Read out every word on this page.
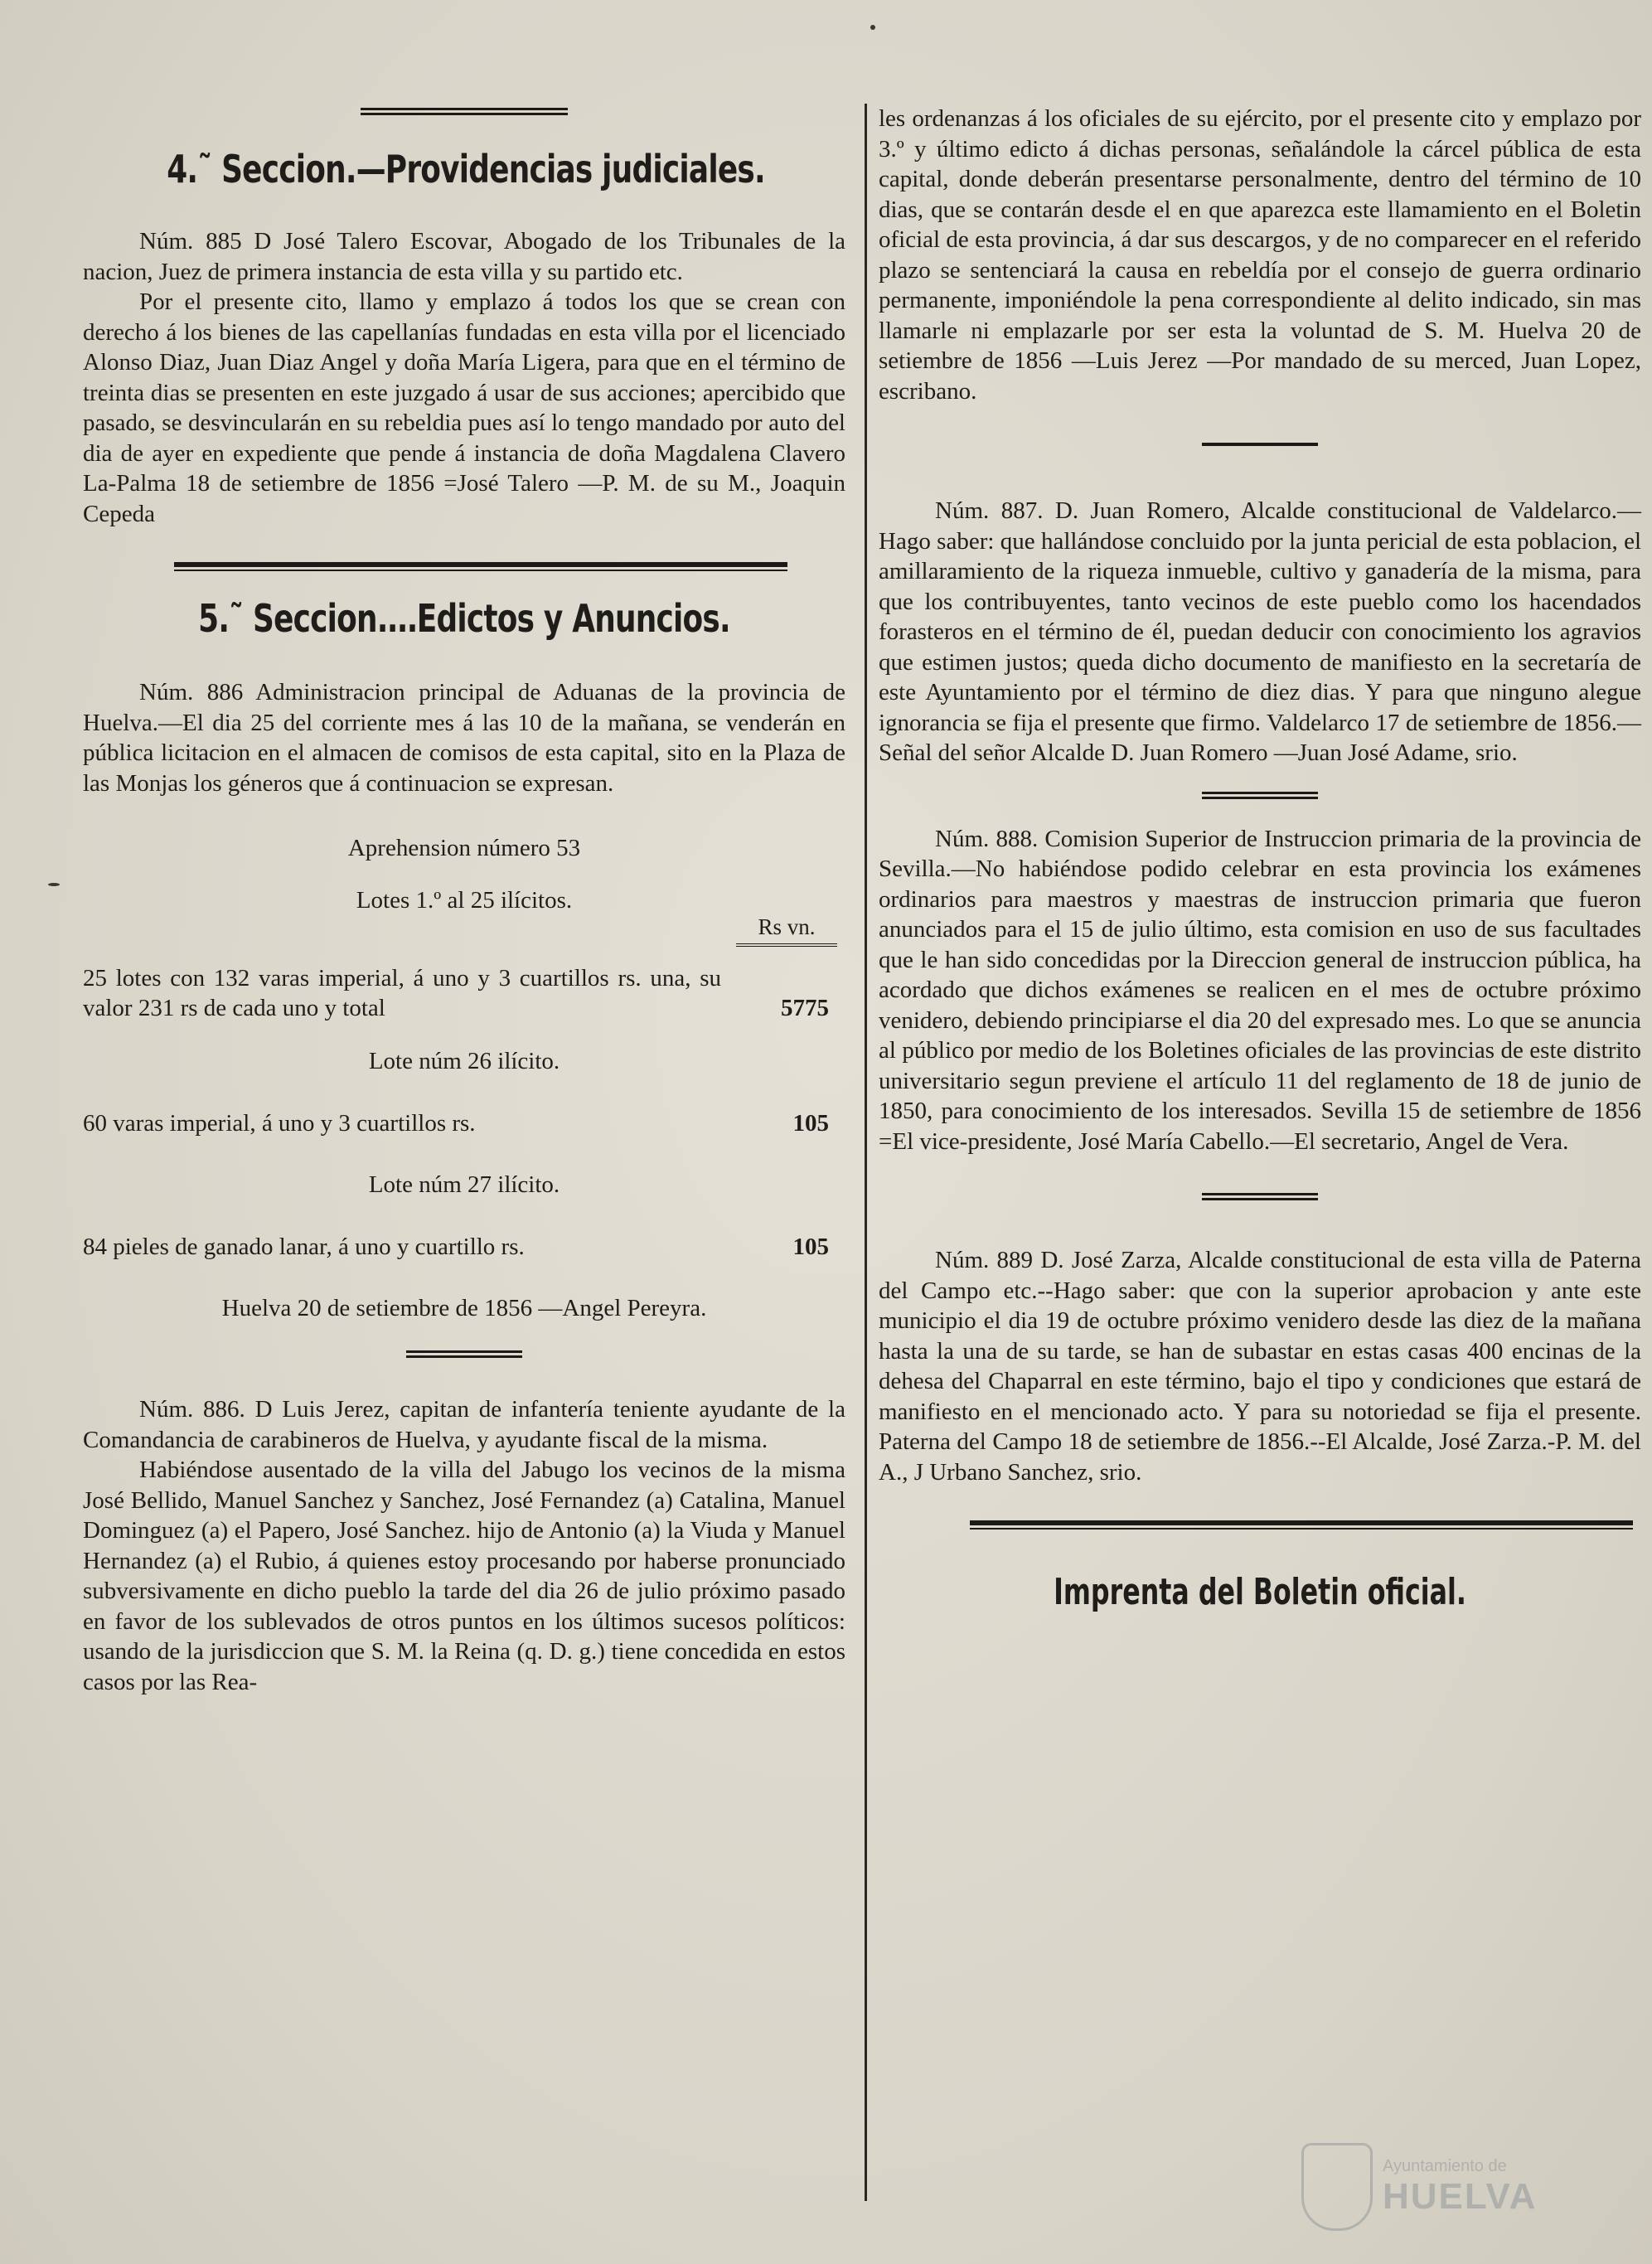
4.˜ Seccion.—Providencias judiciales.

Núm. 885 D José Talero Escovar, Abogado de los Tribunales de la nacion, Juez de primera instancia de esta villa y su partido etc.

Por el presente cito, llamo y emplazo á todos los que se crean con derecho á los bienes de las capellanías fundadas en esta villa por el licenciado Alonso Diaz, Juan Diaz Angel y doña María Ligera, para que en el término de treinta dias se presenten en este juzgado á usar de sus acciones; apercibido que pasado, se desvincularán en su rebeldia pues así lo tengo mandado por auto del dia de ayer en expediente que pende á instancia de doña Magdalena Clavero La-Palma 18 de setiembre de 1856 =José Talero —P. M. de su M., Joaquin Cepeda

5.˜ Seccion.…Edictos y Anuncios.

Núm. 886 Administracion principal de Aduanas de la provincia de Huelva.—El dia 25 del corriente mes á las 10 de la mañana, se venderán en pública licitacion en el almacen de comisos de esta capital, sito en la Plaza de las Monjas los géneros que á continuacion se expresan.

Aprehension número 53
Lotes 1.º al 25 ilícitos.
Rs vn.
25 lotes con 132 varas imperial, á uno y 3 cuartillos rs. una, su valor 231 rs de cada uno y total	5775
Lote núm 26 ilícito.
60 varas imperial, á uno y 3 cuartillos rs.	105
Lote núm 27 ilícito.
84 pieles de ganado lanar, á uno y cuartillo rs.	105
Huelva 20 de setiembre de 1856 —Angel Pereyra.

Núm. 886. D Luis Jerez, capitan de infantería teniente ayudante de la Comandancia de carabineros de Huelva, y ayudante fiscal de la misma.

Habiéndose ausentado de la villa del Jabugo los vecinos de la misma José Bellido, Manuel Sanchez y Sanchez, José Fernandez (a) Catalina, Manuel Dominguez (a) el Papero, José Sanchez. hijo de Antonio (a) la Viuda y Manuel Hernandez (a) el Rubio, á quienes estoy procesando por haberse pronunciado subversivamente en dicho pueblo la tarde del dia 26 de julio próximo pasado en favor de los sublevados de otros puntos en los últimos sucesos políticos: usando de la jurisdiccion que S. M. la Reina (q. D. g.) tiene concedida en estos casos por las Rea-

les ordenanzas á los oficiales de su ejército, por el presente cito y emplazo por 3.º y último edicto á dichas personas, señalándole la cárcel pública de esta capital, donde deberán presentarse personalmente, dentro del término de 10 dias, que se contarán desde el en que aparezca este llamamiento en el Boletin oficial de esta provincia, á dar sus descargos, y de no comparecer en el referido plazo se sentenciará la causa en rebeldía por el consejo de guerra ordinario permanente, imponiéndole la pena correspondiente al delito indicado, sin mas llamarle ni emplazarle por ser esta la voluntad de S. M. Huelva 20 de setiembre de 1856 —Luis Jerez —Por mandado de su merced, Juan Lopez, escribano.

Núm. 887. D. Juan Romero, Alcalde constitucional de Valdelarco.—Hago saber: que hallándose concluido por la junta pericial de esta poblacion, el amillaramiento de la riqueza inmueble, cultivo y ganadería de la misma, para que los contribuyentes, tanto vecinos de este pueblo como los hacendados forasteros en el término de él, puedan deducir con conocimiento los agravios que estimen justos; queda dicho documento de manifiesto en la secretaría de este Ayuntamiento por el término de diez dias. Y para que ninguno alegue ignorancia se fija el presente que firmo. Valdelarco 17 de setiembre de 1856.—Señal del señor Alcalde D. Juan Romero —Juan José Adame, srio.

Núm. 888. Comision Superior de Instruccion primaria de la provincia de Sevilla.—No habiéndose podido celebrar en esta provincia los exámenes ordinarios para maestros y maestras de instruccion primaria que fueron anunciados para el 15 de julio último, esta comision en uso de sus facultades que le han sido concedidas por la Direccion general de instruccion pública, ha acordado que dichos exámenes se realicen en el mes de octubre próximo venidero, debiendo principiarse el dia 20 del expresado mes. Lo que se anuncia al público por medio de los Boletines oficiales de las provincias de este distrito universitario segun previene el artículo 11 del reglamento de 18 de junio de 1850, para conocimiento de los interesados. Sevilla 15 de setiembre de 1856 =El vice-presidente, José María Cabello.—El secretario, Angel de Vera.

Núm. 889 D. José Zarza, Alcalde constitucional de esta villa de Paterna del Campo etc.--Hago saber: que con la superior aprobacion y ante este municipio el dia 19 de octubre próximo venidero desde las diez de la mañana hasta la una de su tarde, se han de subastar en estas casas 400 encinas de la dehesa del Chaparral en este término, bajo el tipo y condiciones que estará de manifiesto en el mencionado acto. Y para su notoriedad se fija el presente. Paterna del Campo 18 de setiembre de 1856.--El Alcalde, José Zarza.-P. M. del A., J Urbano Sanchez, srio.

Imprenta del Boletin oficial.
Ayuntamiento de
HUELVA
